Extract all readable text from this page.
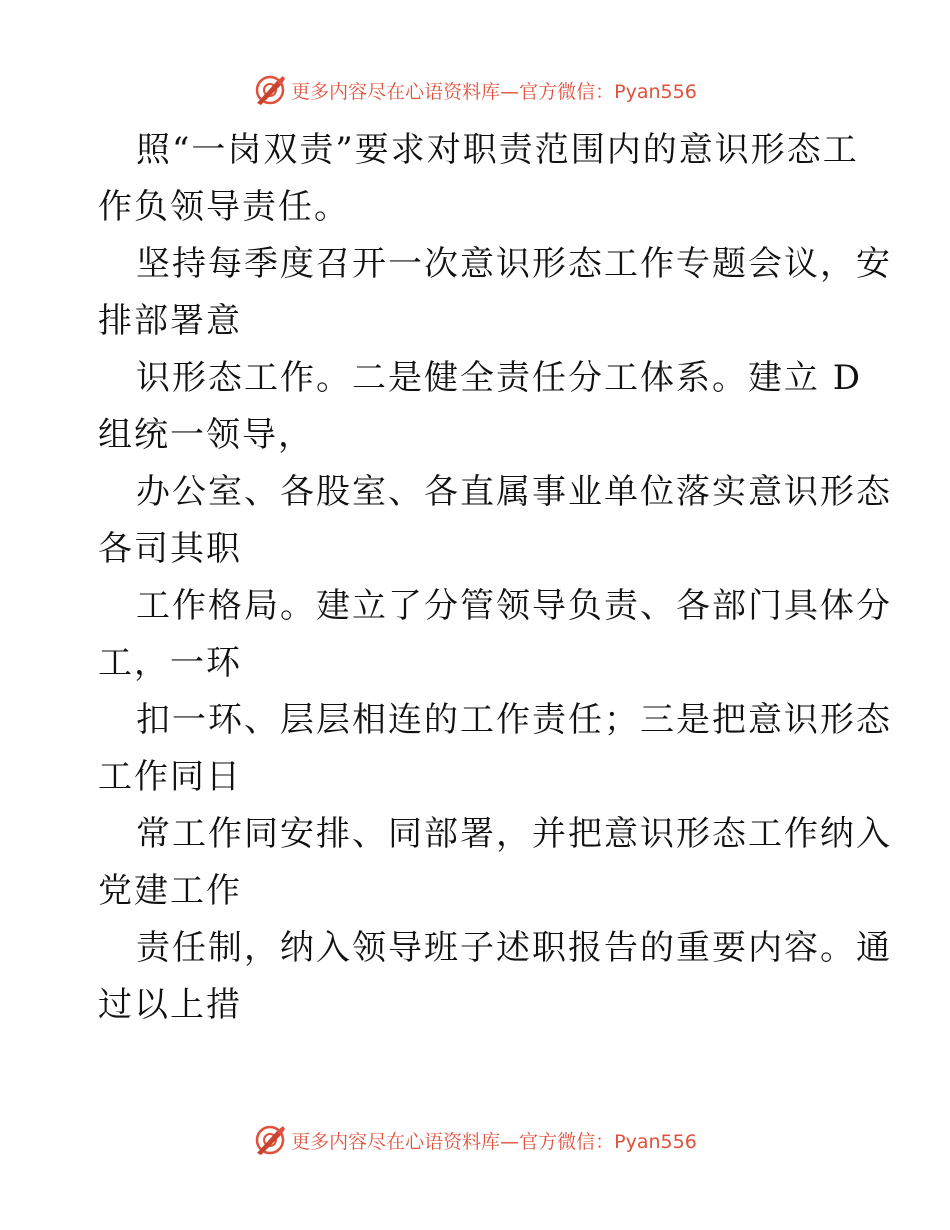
更多内容尽在心语资料库—官方微信：Pyan556
照“一岗双责”要求对职责范围内的意识形态工
作负领导责任。
坚持每季度召开一次意识形态工作专题会议，安
排部署意
识形态工作。二是健全责任分工体系。建立 D
组统一领导，
办公室、各股室、各直属事业单位落实意识形态
各司其职
工作格局。建立了分管领导负责、各部门具体分
工，一环
扣一环、层层相连的工作责任；三是把意识形态
工作同日
常工作同安排、同部署，并把意识形态工作纳入
党建工作
责任制，纳入领导班子述职报告的重要内容。通
过以上措
更多内容尽在心语资料库—官方微信：Pyan556
